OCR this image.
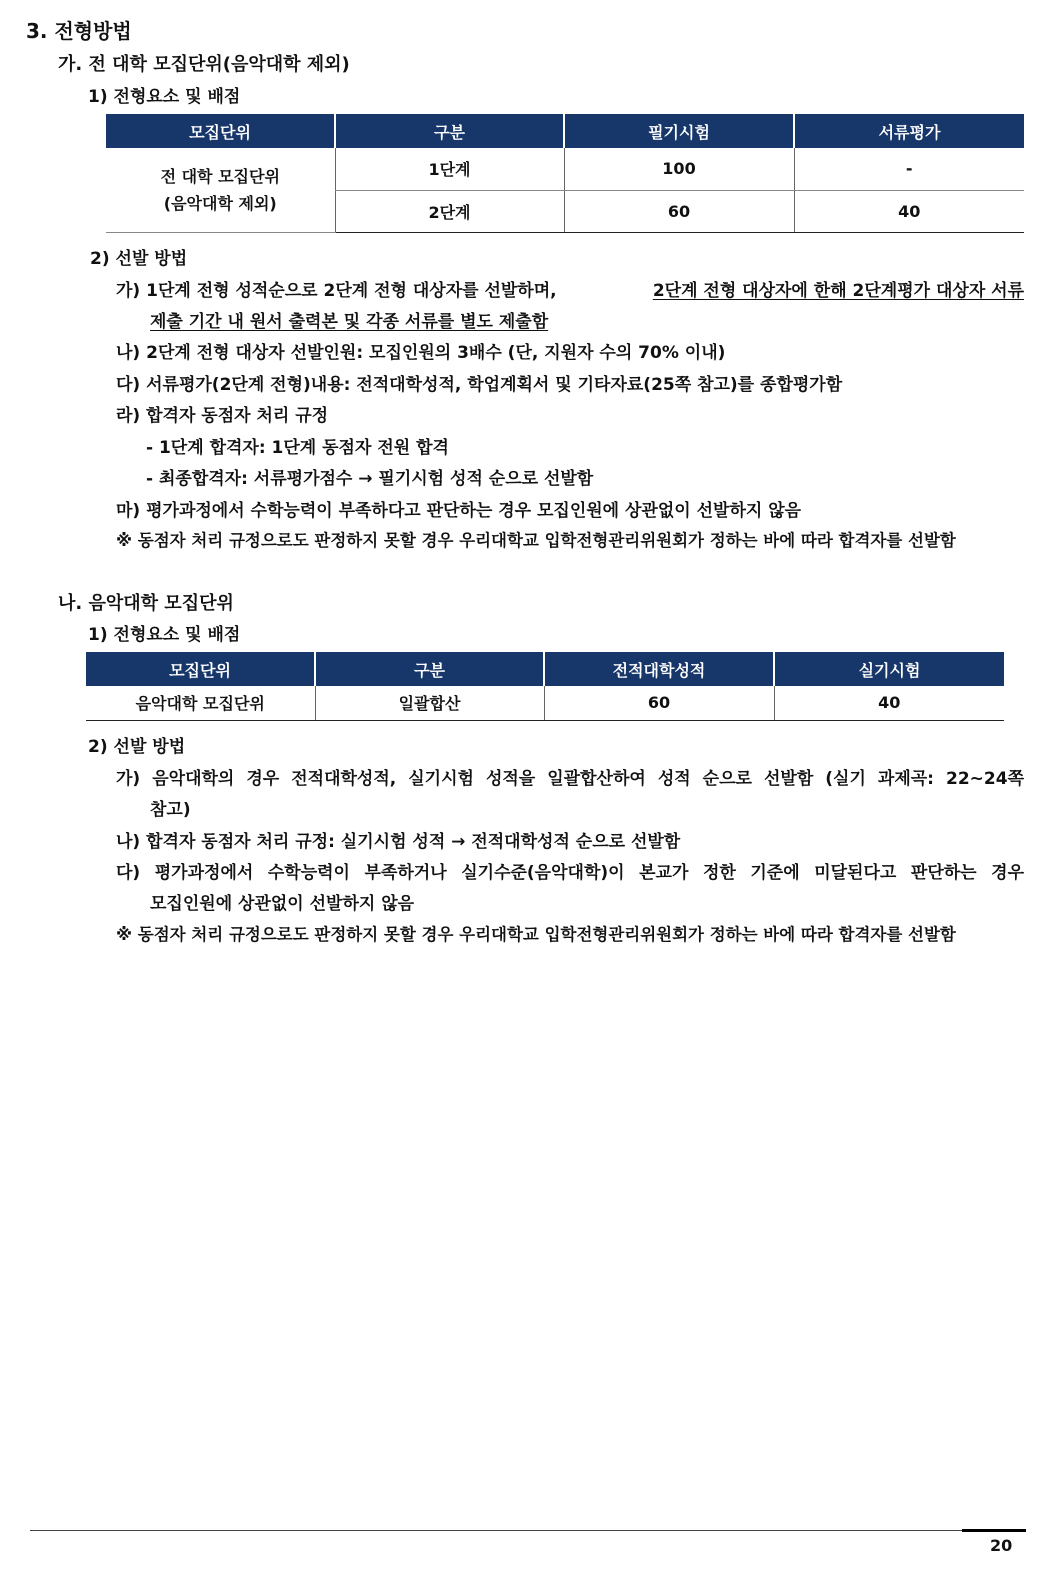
3. 전형방법
가. 전 대학 모집단위(음악대학 제외)
1) 전형요소 및 배점
모집단위	구분	필기시험	서류평가

전 대학 모집단위
(음악대학 제외)	1단계	100	-
	2단계	60	40
2) 선발 방법
가) 1단계 전형 성적순으로 2단계 전형 대상자를 선발하며,	2단계 전형 대상자에 한해 2단계평가 대상자 서류
제출 기간 내 원서 출력본 및 각종 서류를 별도 제출함
나) 2단계 전형 대상자 선발인원: 모집인원의 3배수 (단, 지원자 수의 70% 이내)
다) 서류평가(2단계 전형)내용: 전적대학성적, 학업계획서 및 기타자료(25쪽 참고)를 종합평가함
라) 합격자 동점자 처리 규정
- 1단계 합격자: 1단계 동점자 전원 합격
- 최종합격자: 서류평가점수 → 필기시험 성적 순으로 선발함
마) 평가과정에서 수학능력이 부족하다고 판단하는 경우 모집인원에 상관없이 선발하지 않음
※ 동점자 처리 규정으로도 판정하지 못할 경우 우리대학교 입학전형관리위원회가 정하는 바에 따라 합격자를 선발함
나. 음악대학 모집단위
1) 전형요소 및 배점
모집단위	구분	전적대학성적	실기시험
음악대학 모집단위	일괄합산	60	40
2) 선발 방법
가) 음악대학의 경우 전적대학성적, 실기시험 성적을 일괄합산하여 성적 순으로 선발함 (실기 과제곡: 22~24쪽
참고)
나) 합격자 동점자 처리 규정: 실기시험 성적 → 전적대학성적 순으로 선발함
다) 평가과정에서 수학능력이 부족하거나 실기수준(음악대학)이 본교가 정한 기준에 미달된다고 판단하는 경우
모집인원에 상관없이 선발하지 않음
※ 동점자 처리 규정으로도 판정하지 못할 경우 우리대학교 입학전형관리위원회가 정하는 바에 따라 합격자를 선발함
20
